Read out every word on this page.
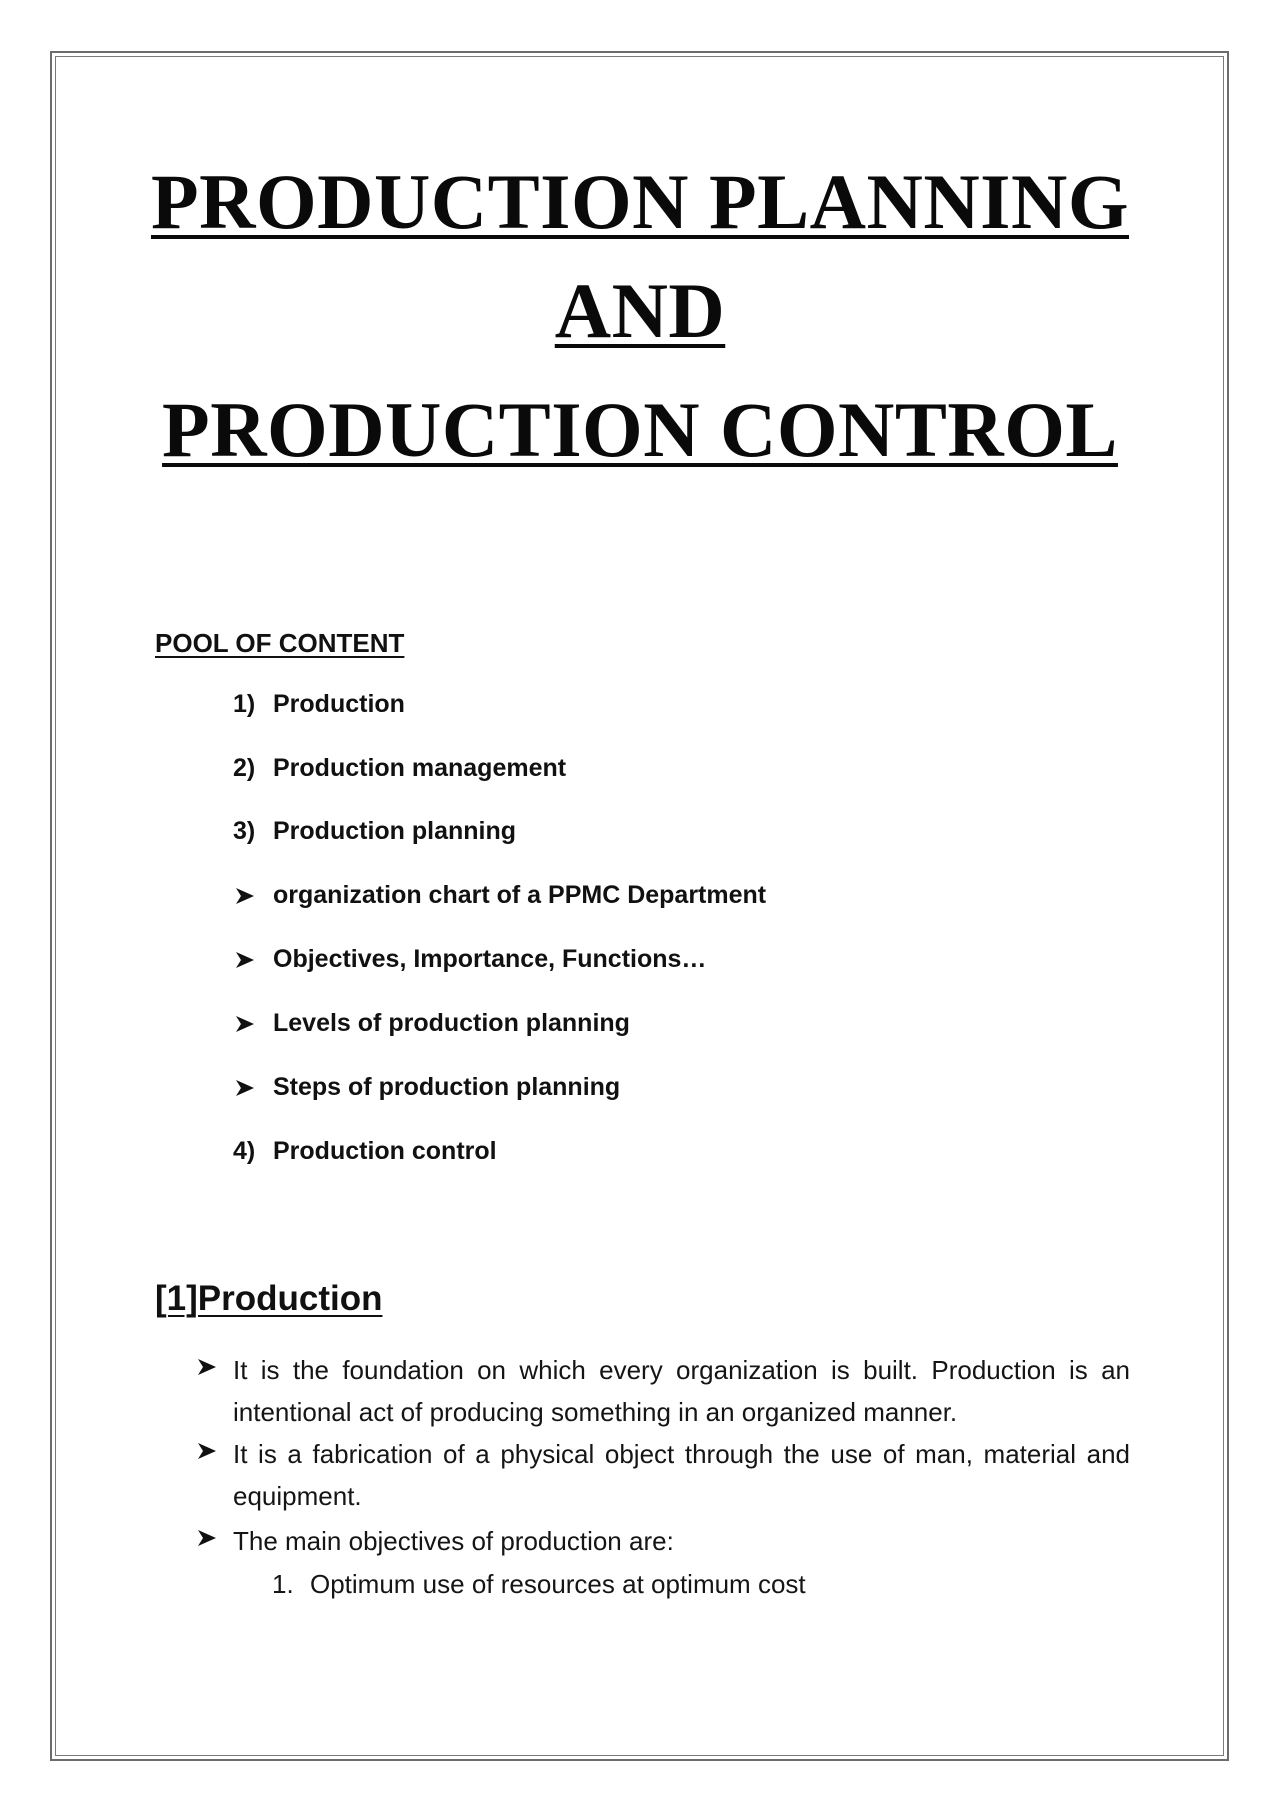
PRODUCTION PLANNING
AND
PRODUCTION CONTROL
POOL OF CONTENT
1) Production
2) Production management
3) Production planning
organization chart of a PPMC Department
Objectives, Importance, Functions…
Levels of production planning
Steps of production planning
4) Production control
[1]Production
It is the foundation on which every organization is built. Production is an intentional act of producing something in an organized manner.
It is a fabrication of a physical object through the use of man, material and equipment.
The main objectives of production are:
1. Optimum use of resources at optimum cost
